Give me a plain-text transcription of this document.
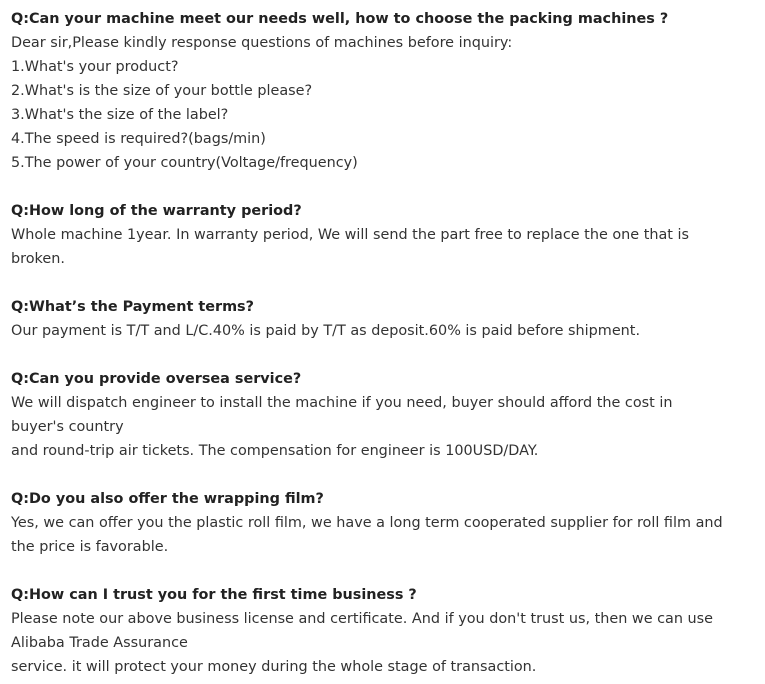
Q:Can your machine meet our needs well, how to choose the packing machines ?
Dear sir,Please kindly response questions of machines before inquiry:
1.What's your product?
2.What's is the size of your bottle please?
3.What's the size of the label?
4.The speed is required?(bags/min)
5.The power of your country(Voltage/frequency)
Q:How long of the warranty period?
Whole machine 1year. In warranty period, We will send the part free to replace the one that is
broken.
Q:What’s the Payment terms?
Our payment is T/T and L/C.40% is paid by T/T as deposit.60% is paid before shipment.
Q:Can you provide oversea service?
We will dispatch engineer to install the machine if you need, buyer should afford the cost in
buyer's country
and round-trip air tickets. The compensation for engineer is 100USD/DAY.
Q:Do you also offer the wrapping film?
Yes, we can offer you the plastic roll film, we have a long term cooperated supplier for roll film and
the price is favorable.
Q:How can I trust you for the first time business ?
Please note our above business license and certificate. And if you don't trust us, then we can use
Alibaba Trade Assurance
service. it will protect your money during the whole stage of transaction.
